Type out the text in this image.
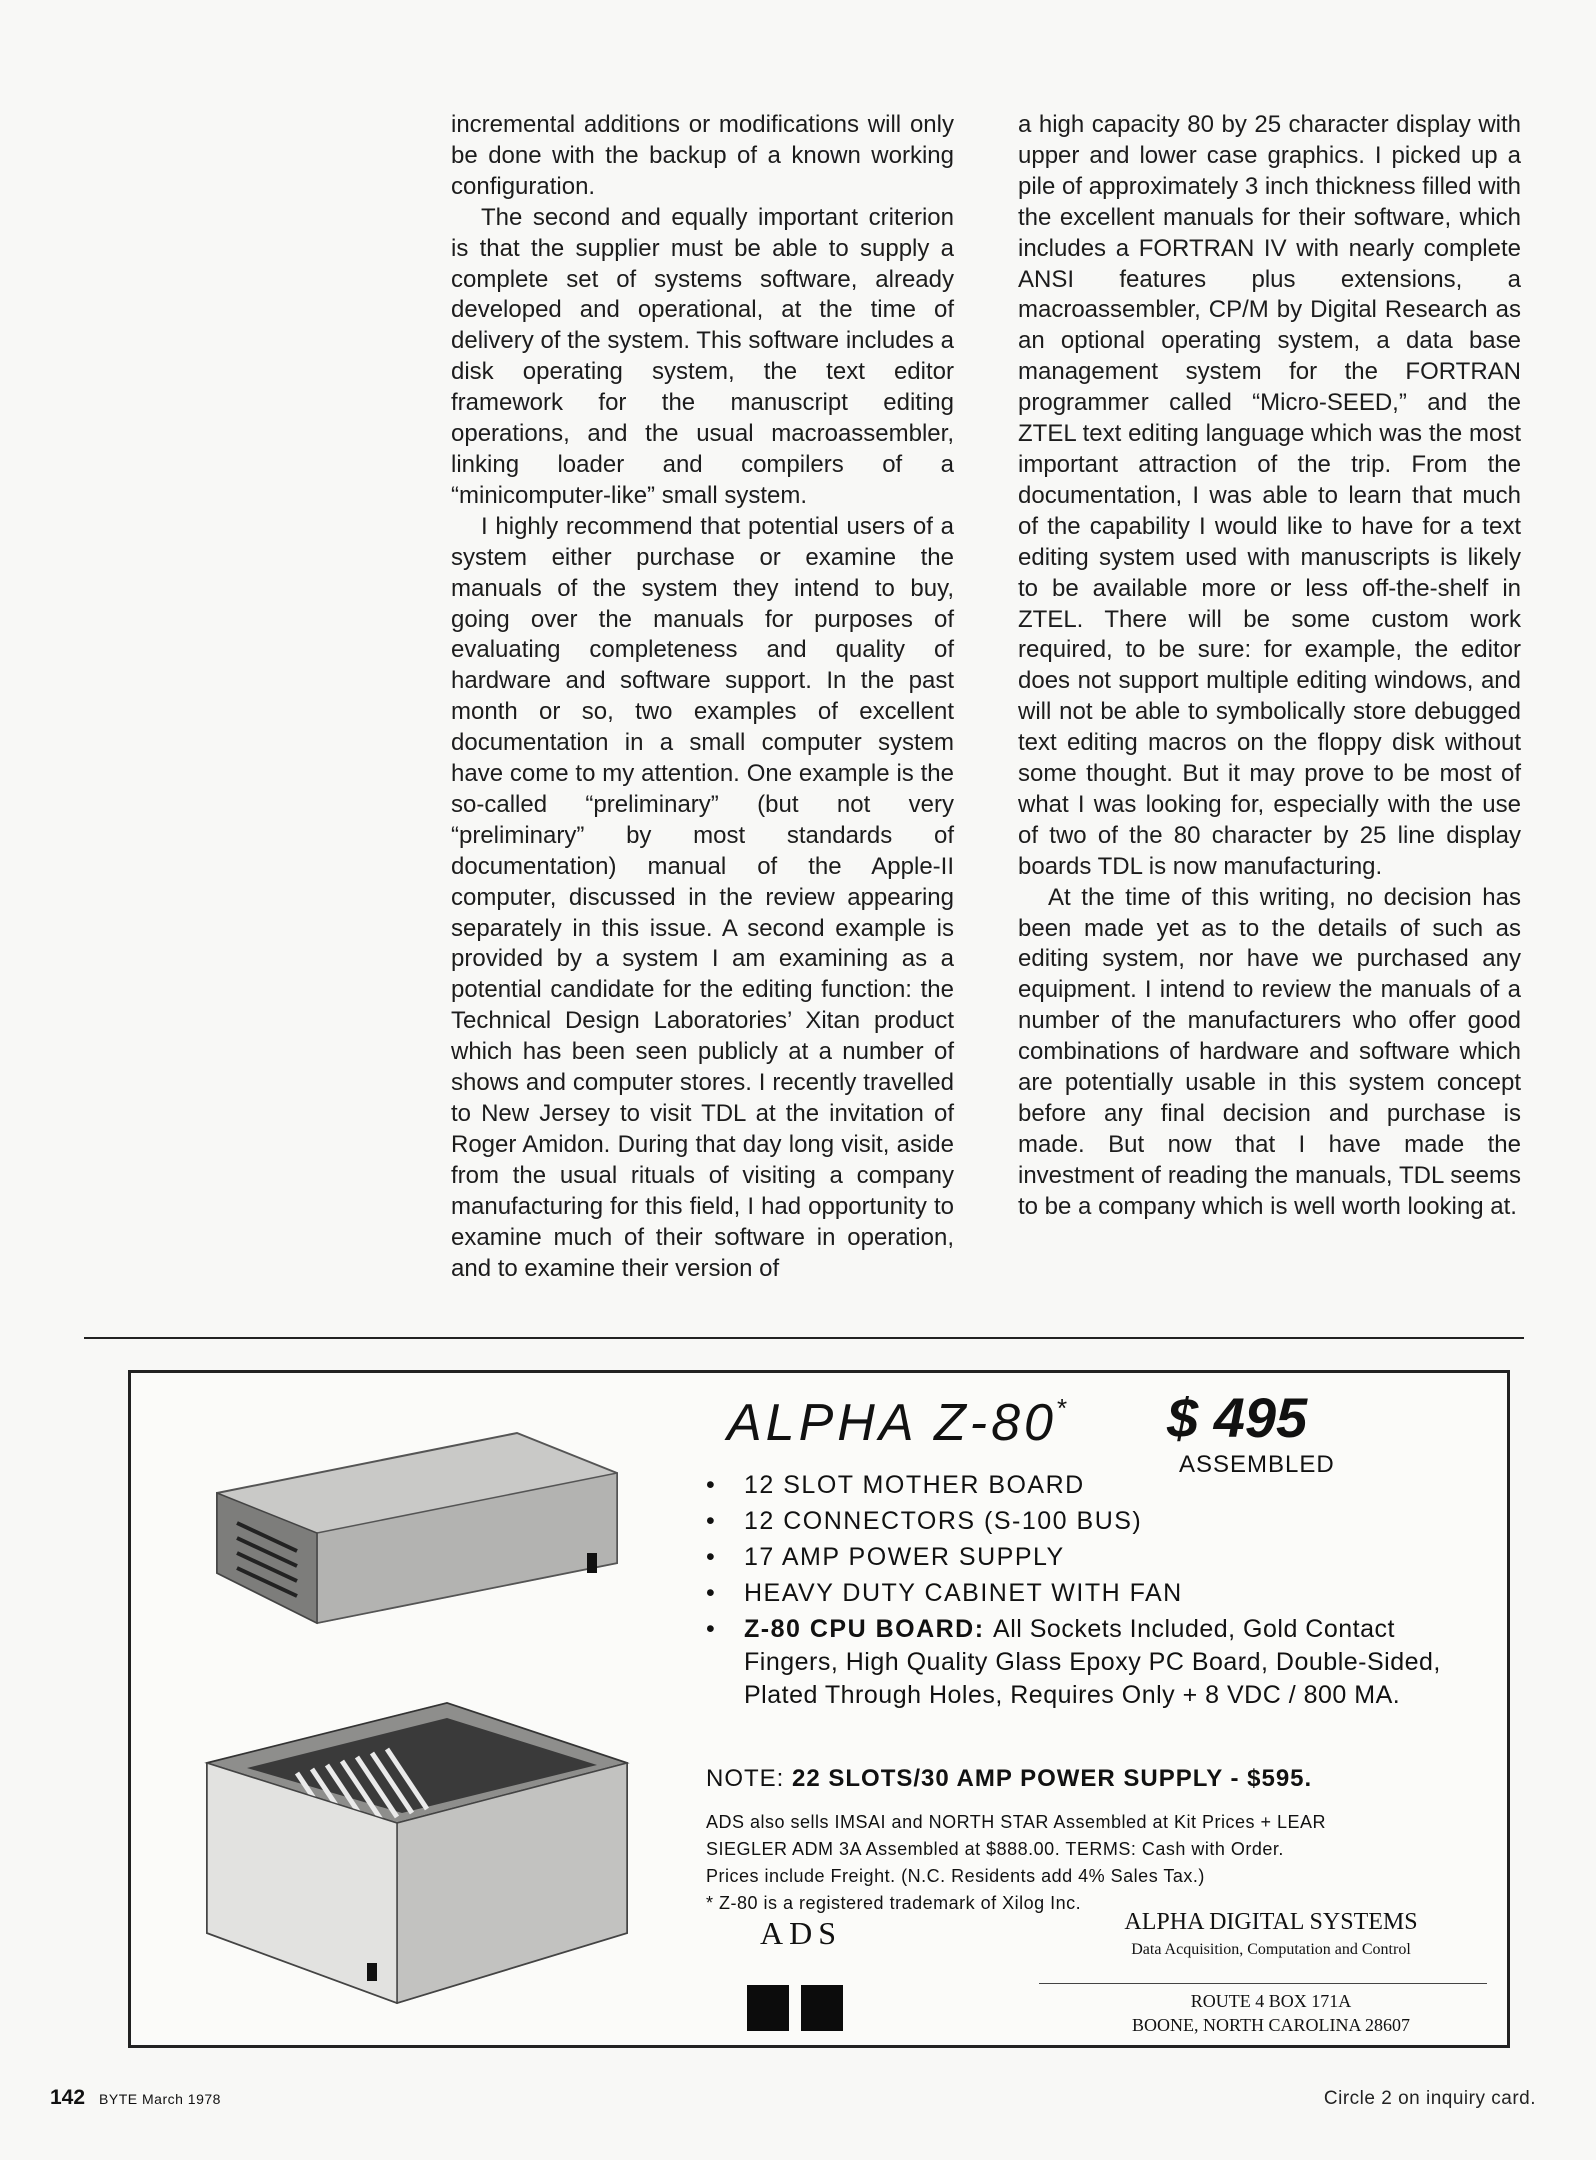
incremental additions or modifications will only be done with the backup of a known working configuration.

The second and equally important criterion is that the supplier must be able to supply a complete set of systems software, already developed and operational, at the time of delivery of the system. This software includes a disk operating system, the text editor framework for the manuscript editing operations, and the usual macroassembler, linking loader and compilers of a “minicomputer-like” small system.

I highly recommend that potential users of a system either purchase or examine the manuals of the system they intend to buy, going over the manuals for purposes of evaluating completeness and quality of hardware and software support. In the past month or so, two examples of excellent documentation in a small computer system have come to my attention. One example is the so-called “preliminary” (but not very “preliminary” by most standards of documentation) manual of the Apple-II computer, discussed in the review appearing separately in this issue. A second example is provided by a system I am examining as a potential candidate for the editing function: the Technical Design Laboratories’ Xitan product which has been seen publicly at a number of shows and computer stores. I recently travelled to New Jersey to visit TDL at the invitation of Roger Amidon. During that day long visit, aside from the usual rituals of visiting a company manufacturing for this field, I had opportunity to examine much of their software in operation, and to examine their version of

a high capacity 80 by 25 character display with upper and lower case graphics. I picked up a pile of approximately 3 inch thickness filled with the excellent manuals for their software, which includes a FORTRAN IV with nearly complete ANSI features plus extensions, a macroassembler, CP/M by Digital Research as an optional operating system, a data base management system for the FORTRAN programmer called “Micro-SEED,” and the ZTEL text editing language which was the most important attraction of the trip. From the documentation, I was able to learn that much of the capability I would like to have for a text editing system used with manuscripts is likely to be available more or less off-the-shelf in ZTEL. There will be some custom work required, to be sure: for example, the editor does not support multiple editing windows, and will not be able to symbolically store debugged text editing macros on the floppy disk without some thought. But it may prove to be most of what I was looking for, especially with the use of two of the 80 character by 25 line display boards TDL is now manufacturing.

At the time of this writing, no decision has been made yet as to the details of such as editing system, nor have we purchased any equipment. I intend to review the manuals of a number of the manufacturers who offer good combinations of hardware and software which are potentially usable in this system concept before any final decision and purchase is made. But now that I have made the investment of reading the manuals, TDL seems to be a company which is well worth looking at.

ALPHA Z-80* $ 495
ASSEMBLED
• 12 SLOT MOTHER BOARD
• 12 CONNECTORS (S-100 BUS)
• 17 AMP POWER SUPPLY
• HEAVY DUTY CABINET WITH FAN
• Z-80 CPU BOARD: All Sockets Included, Gold Contact Fingers, High Quality Glass Epoxy PC Board, Double-Sided, Plated Through Holes, Requires Only + 8 VDC / 800 MA.
NOTE: 22 SLOTS/30 AMP POWER SUPPLY - $595.
ADS also sells IMSAI and NORTH STAR Assembled at Kit Prices + LEAR
SIEGLER ADM 3A Assembled at $888.00. TERMS: Cash with Order.
Prices include Freight. (N.C. Residents add 4% Sales Tax.)
* Z-80 is a registered trademark of Xilog Inc.
ADS	ALPHA DIGITAL SYSTEMS
Data Acquisition, Computation and Control
ROUTE 4 BOX 171A
BOONE, NORTH CAROLINA 28607
142 BYTE March 1978	Circle 2 on inquiry card.
